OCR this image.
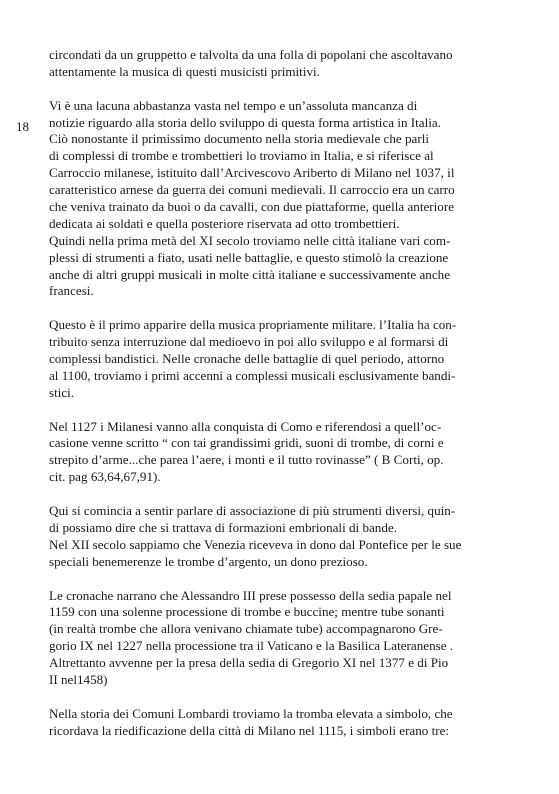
18
circondati da un gruppetto e talvolta da una folla di popolani che ascoltavano
attentamente la musica di questi musicisti primitivi.
Vi è una lacuna abbastanza vasta nel tempo e un’assoluta mancanza di
notizie riguardo alla storia dello sviluppo di questa forma artistica in Italia.
Ciò nonostante il primissimo documento nella storia medievale che parli
di complessi di trombe e trombettieri lo troviamo in Italia, e si riferisce al
Carroccio milanese, istituito dall’Arcivescovo Ariberto di Milano nel 1037, il
caratteristico arnese da guerra dei comuni medievali. Il carroccio era un carro
che veniva trainato da buoi o da cavalli, con due piattaforme, quella anteriore
dedicata ai soldati e quella posteriore riservata ad otto trombettieri.
Quindi nella prima metà del XI secolo troviamo nelle città italiane vari com-
plessi di strumenti a fiato, usati nelle battaglie, e questo stimolò la creazione
anche di altri gruppi musicali in molte città italiane e successivamente anche
francesi.
Questo è il primo apparire della musica propriamente militare. l’Italia ha con-
tribuito senza interruzione dal medioevo in poi allo sviluppo e al formarsi di
complessi bandistici. Nelle cronache delle battaglie di quel periodo, attorno
al 1100, troviamo i primi accenni a complessi musicali esclusivamente bandi-
stici.
Nel 1127 i Milanesi vanno alla conquista di Como e riferendosi a quell’oc-
casione venne scritto “ con tai grandissimi gridi, suoni di trombe, di corni e
strepito d’arme...che parea l’aere, i monti e il tutto rovinasse” ( B Corti, op.
cit. pag 63,64,67,91).
Qui si comincia a sentir parlare di associazione di più strumenti diversi, quin-
di possiamo dire che si trattava di formazioni embrionali di bande.
Nel XII secolo sappiamo che Venezia riceveva in dono dal Pontefice per le sue
speciali benemerenze le trombe d’argento, un dono prezioso.
Le cronache narrano che Alessandro III prese possesso della sedia papale nel
1159 con una solenne processione di trombe e buccine; mentre tube sonanti
(in realtà trombe che allora venivano chiamate tube) accompagnarono Gre-
gorio IX nel 1227 nella processione tra il Vaticano e la Basilica Lateranense .
Altrettanto avvenne per la presa della sedia di Gregorio XI nel 1377 e di Pio
II nel1458)
Nella storia dei Comuni Lombardi troviamo la tromba elevata a simbolo, che
ricordava la riedificazione della città di Milano nel 1115, i simboli erano tre:
